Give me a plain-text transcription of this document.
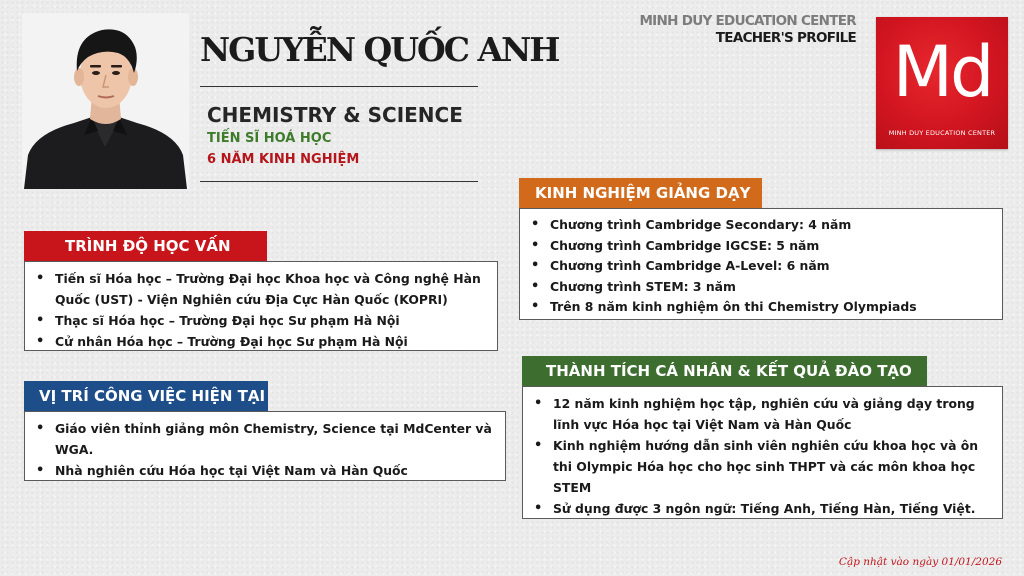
NGUYỄN QUỐC ANH
CHEMISTRY & SCIENCE
TIẾN SĨ HOÁ HỌC
6 NĂM KINH NGHIỆM
MINH DUY EDUCATION CENTER
TEACHER'S PROFILE Md
MINH DUY EDUCATION CENTER
TRÌNH ĐỘ HỌC VẤN
• Tiến sĩ Hóa học – Trường Đại học Khoa học và Công nghệ Hàn Quốc (UST) - Viện Nghiên cứu Địa Cực Hàn Quốc (KOPRI)
• Thạc sĩ Hóa học – Trường Đại học Sư phạm Hà Nội
• Cử nhân Hóa học – Trường Đại học Sư phạm Hà Nội
VỊ TRÍ CÔNG VIỆC HIỆN TẠI
• Giáo viên thỉnh giảng môn Chemistry, Science tại MdCenter và WGA.
• Nhà nghiên cứu Hóa học tại Việt Nam và Hàn Quốc
KINH NGHIỆM GIẢNG DẠY
• Chương trình Cambridge Secondary: 4 năm
• Chương trình Cambridge IGCSE: 5 năm
• Chương trình Cambridge A-Level: 6 năm
• Chương trình STEM: 3 năm
• Trên 8 năm kinh nghiệm ôn thi Chemistry Olympiads
THÀNH TÍCH CÁ NHÂN & KẾT QUẢ ĐÀO TẠO
• 12 năm kinh nghiệm học tập, nghiên cứu và giảng dạy trong lĩnh vực Hóa học tại Việt Nam và Hàn Quốc
• Kinh nghiệm hướng dẫn sinh viên nghiên cứu khoa học và ôn thi Olympic Hóa học cho học sinh THPT và các môn khoa học STEM
• Sử dụng được 3 ngôn ngữ: Tiếng Anh, Tiếng Hàn, Tiếng Việt.
Cập nhật vào ngày 01/01/2026
